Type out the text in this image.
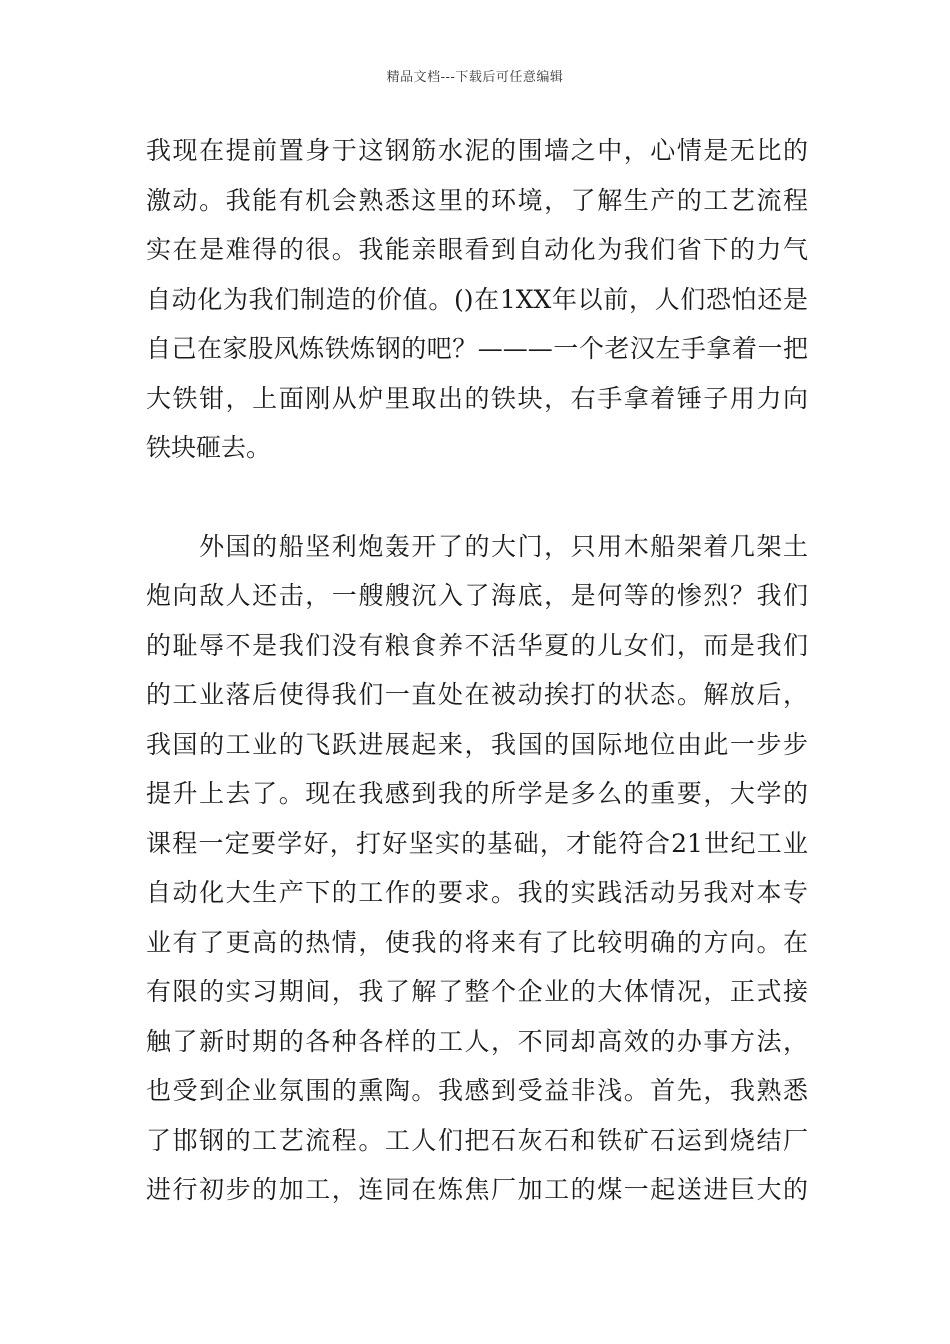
精品文档---下载后可任意编辑
我现在提前置身于这钢筋水泥的围墙之中，心情是无比的
激动。我能有机会熟悉这里的环境，了解生产的工艺流程
实在是难得的很。我能亲眼看到自动化为我们省下的力气
自动化为我们制造的价值。()在1XX年以前，人们恐怕还是
自己在家股风炼铁炼钢的吧？———一个老汉左手拿着一把
大铁钳，上面刚从炉里取出的铁块，右手拿着锤子用力向
铁块砸去。
　　外国的船坚利炮轰开了的大门，只用木船架着几架土
炮向敌人还击，一艘艘沉入了海底，是何等的惨烈？我们
的耻辱不是我们没有粮食养不活华夏的儿女们，而是我们
的工业落后使得我们一直处在被动挨打的状态。解放后，
我国的工业的飞跃进展起来，我国的国际地位由此一步步
提升上去了。现在我感到我的所学是多么的重要，大学的
课程一定要学好，打好坚实的基础，才能符合21世纪工业
自动化大生产下的工作的要求。我的实践活动另我对本专
业有了更高的热情，使我的将来有了比较明确的方向。在
有限的实习期间，我了解了整个企业的大体情况，正式接
触了新时期的各种各样的工人，不同却高效的办事方法，
也受到企业氛围的熏陶。我感到受益非浅。首先，我熟悉
了邯钢的工艺流程。工人们把石灰石和铁矿石运到烧结厂
进行初步的加工，连同在炼焦厂加工的煤一起送进巨大的
